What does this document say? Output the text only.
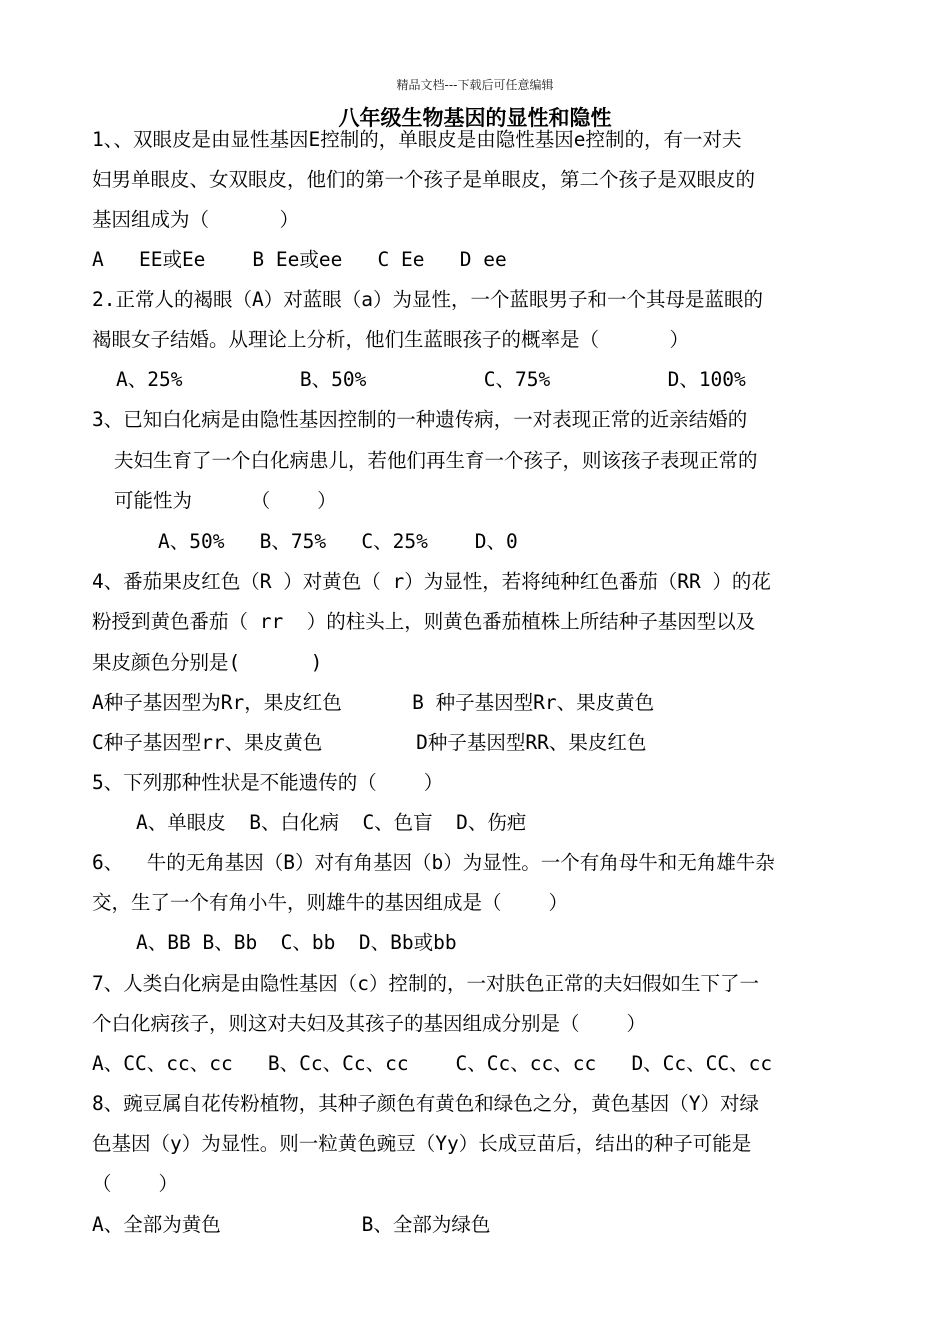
精品文档---下载后可任意编辑
八年级生物基因的显性和隐性
1、、双眼皮是由显性基因E控制的，单眼皮是由隐性基因e控制的，有一对夫
妇男单眼皮、女双眼皮，他们的第一个孩子是单眼皮，第二个孩子是双眼皮的
基因组成为（      ）
A   EE或Ee    B Ee或ee   C Ee   D ee
2.正常人的褐眼（A）对蓝眼（a）为显性，一个蓝眼男子和一个其母是蓝眼的
褐眼女子结婚。从理论上分析，他们生蓝眼孩子的概率是（      ）
A、25%          B、50%          C、75%          D、100%
3、已知白化病是由隐性基因控制的一种遗传病，一对表现正常的近亲结婚的
夫妇生育了一个白化病患儿，若他们再生育一个孩子，则该孩子表现正常的
可能性为     （    ）
A、50%   B、75%   C、25%    D、0
4、番茄果皮红色（R ）对黄色（ r）为显性，若将纯种红色番茄（RR ）的花
粉授到黄色番茄（ rr  ）的柱头上，则黄色番茄植株上所结种子基因型以及
果皮颜色分别是(      )
A种子基因型为Rr，果皮红色      B 种子基因型Rr、果皮黄色
C种子基因型rr、果皮黄色        D种子基因型RR、果皮红色
5、下列那种性状是不能遗传的（    ）
A、单眼皮  B、白化病  C、色盲  D、伤疤
6、  牛的无角基因（B）对有角基因（b）为显性。一个有角母牛和无角雄牛杂
交，生了一个有角小牛，则雄牛的基因组成是（    ）
A、BB B、Bb  C、bb  D、Bb或bb
7、人类白化病是由隐性基因（c）控制的，一对肤色正常的夫妇假如生下了一
个白化病孩子，则这对夫妇及其孩子的基因组成分别是（    ）
A、CC、cc、cc   B、Cc、Cc、cc    C、Cc、cc、cc   D、Cc、CC、cc
8、豌豆属自花传粉植物，其种子颜色有黄色和绿色之分，黄色基因（Y）对绿
色基因（y）为显性。则一粒黄色豌豆（Yy）长成豆苗后，结出的种子可能是
（    ）
A、全部为黄色            B、全部为绿色
